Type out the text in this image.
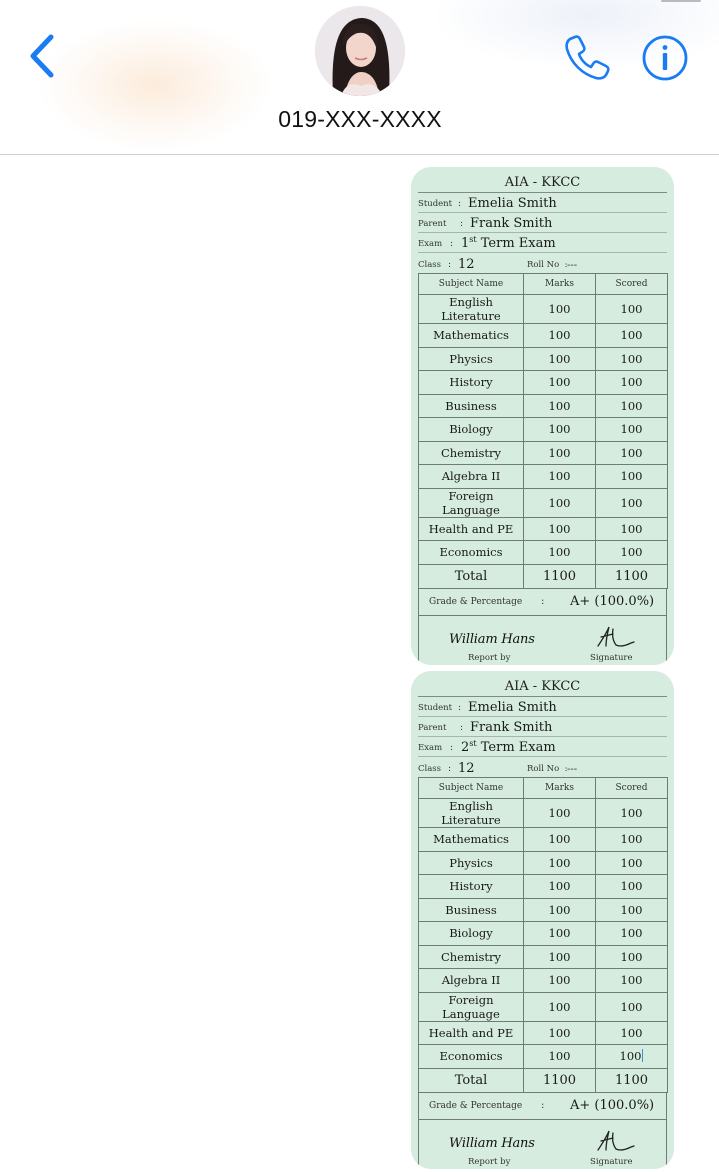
019-XXX-XXXX
AIA - KKCC
Student : Emelia Smith
Parent : Frank Smith
Exam : 1st Term Exam
Class : 12	Roll No  : ---
Subject Name	Marks	Scored
English Literature	100	100
Mathematics	100	100
Physics	100	100
History	100	100
Business	100	100
Biology	100	100
Chemistry	100	100
Algebra II	100	100
Foreign Language	100	100
Health and PE	100	100
Economics	100	100
Total	1100	1100
Grade & Percentage : A+ (100.0%)
William Hans
Report by	Signature
AIA - KKCC
Student : Emelia Smith
Parent : Frank Smith
Exam : 2st Term Exam
Class : 12	Roll No  : ---
Subject Name	Marks	Scored
English Literature	100	100
Mathematics	100	100
Physics	100	100
History	100	100
Business	100	100
Biology	100	100
Chemistry	100	100
Algebra II	100	100
Foreign Language	100	100
Health and PE	100	100
Economics	100	100
Total	1100	1100
Grade & Percentage : A+ (100.0%)
William Hans
Report by	Signature
